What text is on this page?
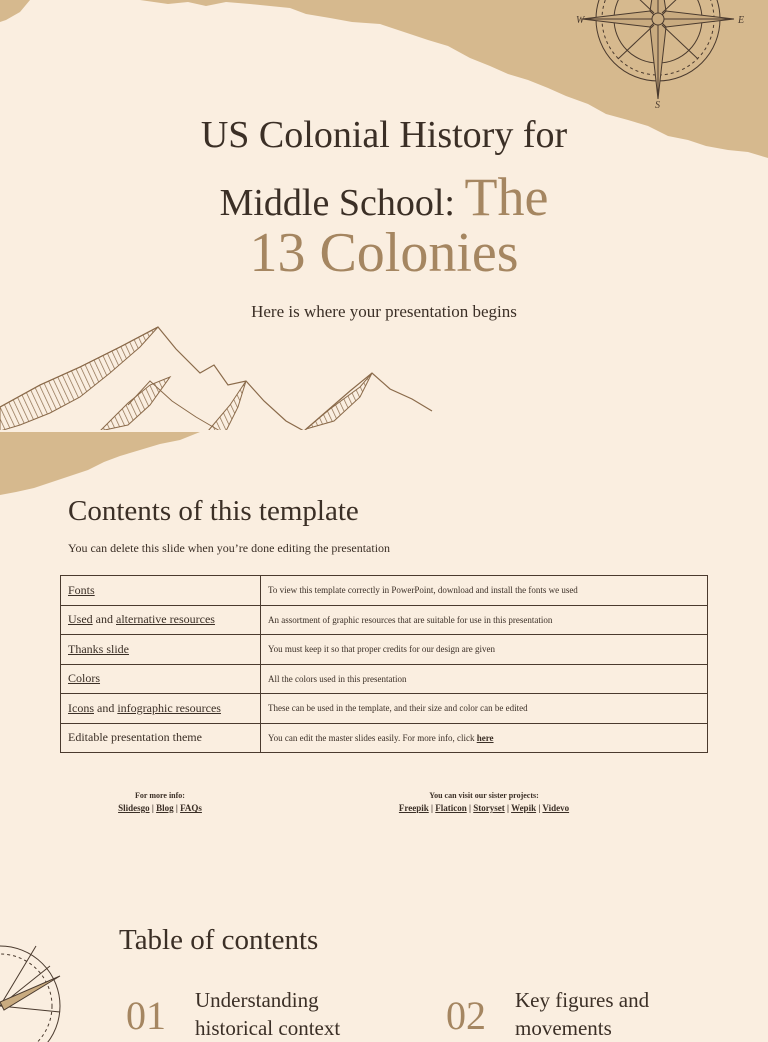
W	E
S
US Colonial History for
Middle School: The
13 Colonies
Here is where your presentation begins
Contents of this template
You can delete this slide when you’re done editing the presentation
Fonts	To view this template correctly in PowerPoint, download and install the fonts we used
Used and alternative resources	An assortment of graphic resources that are suitable for use in this presentation
Thanks slide	You must keep it so that proper credits for our design are given
Colors	All the colors used in this presentation
Icons and infographic resources	These can be used in the template, and their size and color can be edited
Editable presentation theme	You can edit the master slides easily. For more info, click here
For more info:
Slidesgo | Blog | FAQs
You can visit our sister projects:
Freepik | Flaticon | Storyset | Wepik | Videvo
Table of contents
01 Understanding historical context	02 Key figures and movements
